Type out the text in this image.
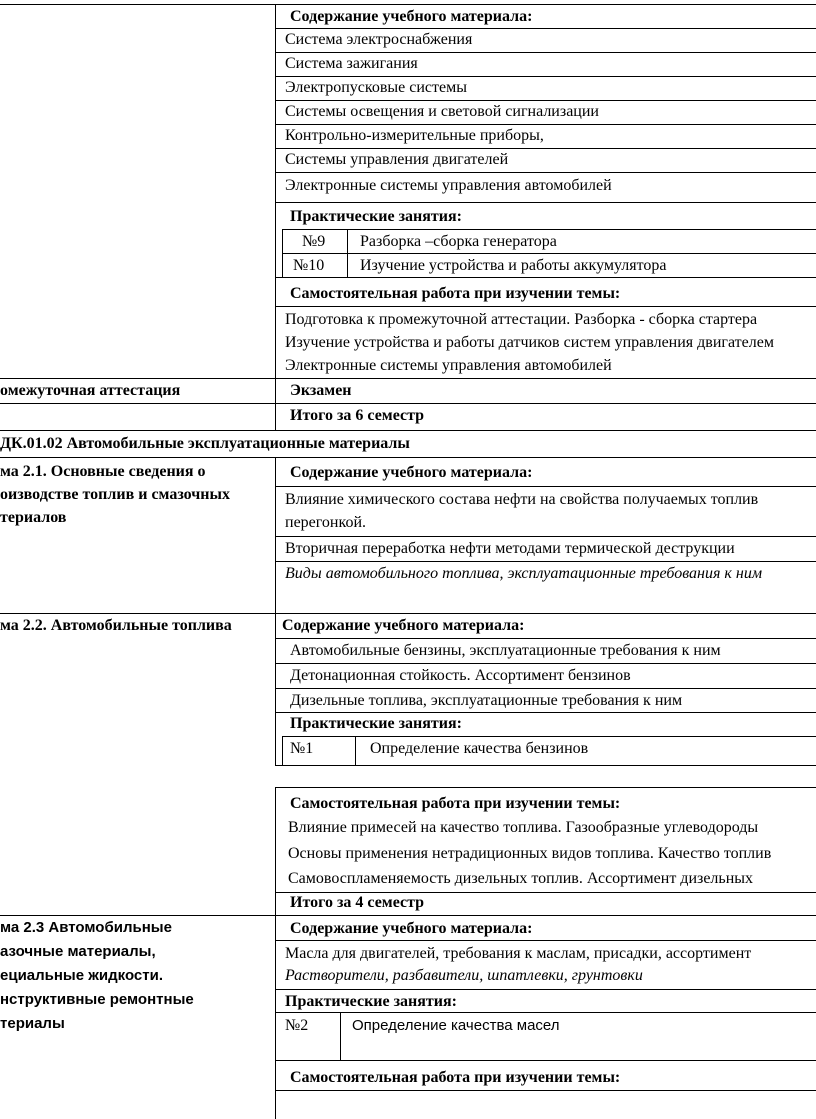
Содержание учебного материала:
Система электроснабжения
Система зажигания
Электропусковые системы
Системы освещения и световой сигнализации
Контрольно-измерительные приборы,
Системы управления двигателей
Электронные системы управления автомобилей
Практические занятия:
№9 Разборка –сборка генератора
№10 Изучение устройства и работы аккумулятора
Самостоятельная работа при изучении темы:
Подготовка к промежуточной аттестации. Разборка - сборка стартера
Изучение устройства и работы датчиков систем управления двигателем
Электронные системы управления автомобилей
омежуточная аттестация	Экзамен
Итого за 6 семестр
ДК.01.02 Автомобильные эксплуатационные материалы
ма 2.1. Основные сведения о
оизводстве топлив и смазочных
териалов
Содержание учебного материала:
Влияние химического состава нефти на свойства получаемых топлив
перегонкой.
Вторичная переработка нефти методами термической деструкции
Виды автомобильного топлива, эксплуатационные требования к ним
ма 2.2. Автомобильные топлива	Содержание учебного материала:
Автомобильные бензины, эксплуатационные требования к ним
Детонационная стойкость. Ассортимент бензинов
Дизельные топлива, эксплуатационные требования к ним
Практические занятия:
№1	Определение качества бензинов
Самостоятельная работа при изучении темы:
Влияние примесей на качество топлива. Газообразные углеводороды
Основы применения нетрадиционных видов топлива. Качество топлив
Самовоспламеняемость дизельных топлив. Ассортимент дизельных
Итого за 4 семестр
ма 2.3 Автомобильные
азочные материалы,
ециальные жидкости.
нструктивные ремонтные
териалы
Содержание учебного материала:
Масла для двигателей, требования к маслам, присадки, ассортимент
Растворители, разбавители, шпатлевки, грунтовки
Практические занятия:
№2	Определение качества масел
Самостоятельная работа при изучении темы:
